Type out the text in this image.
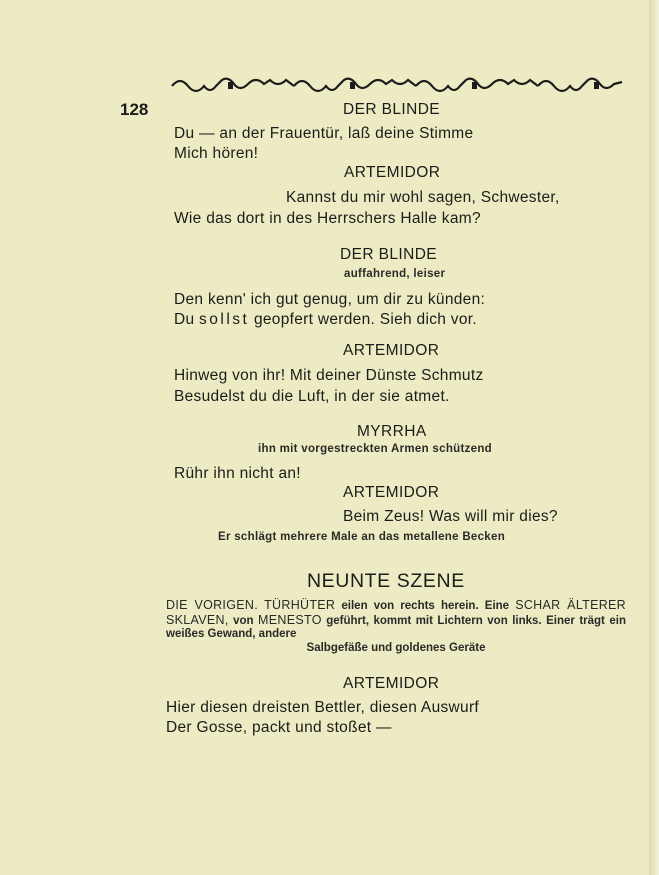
128	DER BLINDE

Du — an der Frauentür, laß deine Stimme

Mich hören!

ARTEMIDOR

Kannst du mir wohl sagen, Schwester,

Wie das dort in des Herrschers Halle kam?

DER BLINDE

auffahrend, leiser

Den kenn' ich gut genug, um dir zu künden:

Du sollst geopfert werden. Sieh dich vor.

ARTEMIDOR

Hinweg von ihr! Mit deiner Dünste Schmutz

Besudelst du die Luft, in der sie atmet.

MYRRHA

ihn mit vorgestreckten Armen schützend

Rühr ihn nicht an!

ARTEMIDOR

Beim Zeus! Was will mir dies?

Er schlägt mehrere Male an das metallene Becken

NEUNTE SZENE

DIE VORIGEN. TÜRHÜTER eilen von rechts herein. Eine SCHAR ÄLTERER SKLAVEN, von MENESTO geführt, kommt mit Lichtern von links. Einer trägt ein weißes Gewand, andere
Salbgefäße und goldenes Geräte

ARTEMIDOR

Hier diesen dreisten Bettler, diesen Auswurf

Der Gosse, packt und stoßet —
